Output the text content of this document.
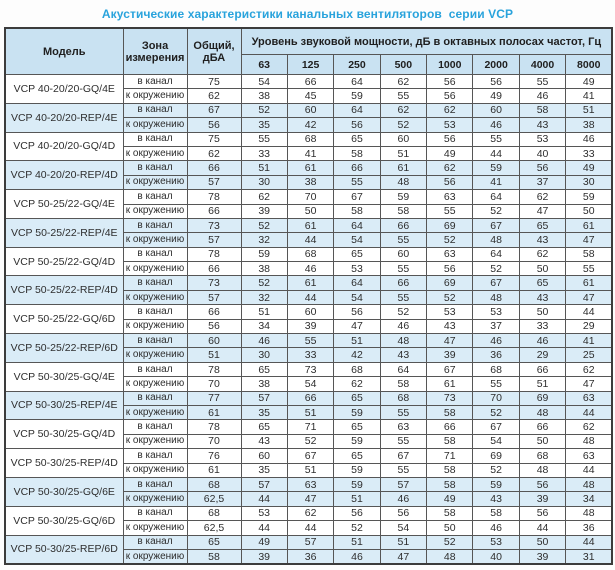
Акустические характеристики канальных вентиляторов  серии VCP
Модель	Зона измерения	Общий, дБА	Уровень звуковой мощности, дБ в октавных полосах частот, Гц							
			63	125	250	500	1000	2000	4000	8000
VCP 40-20/20-GQ/4E	в канал	75	54	66	64	62	56	56	55	49
	к окружению	62	38	45	59	55	56	49	46	41
VCP 40-20/20-REP/4E	в канал	67	52	60	64	62	62	60	58	51
	к окружению	56	35	42	56	52	53	46	43	38
VCP 40-20/20-GQ/4D	в канал	75	55	68	65	60	56	55	53	46
	к окружению	62	33	41	58	51	49	44	40	33
VCP 40-20/20-REP/4D	в канал	66	51	61	66	61	62	59	56	49
	к окружению	57	30	38	55	48	56	41	37	30
VCP 50-25/22-GQ/4E	в канал	78	62	70	67	59	63	64	62	59
	к окружению	66	39	50	58	58	55	52	47	50
VCP 50-25/22-REP/4E	в канал	73	52	61	64	66	69	67	65	61
	к окружению	57	32	44	54	55	52	48	43	47
VCP 50-25/22-GQ/4D	в канал	78	59	68	65	60	63	64	62	58
	к окружению	66	38	46	53	55	56	52	50	55
VCP 50-25/22-REP/4D	в канал	73	52	61	64	66	69	67	65	61
	к окружению	57	32	44	54	55	52	48	43	47
VCP 50-25/22-GQ/6D	в канал	66	51	60	56	52	53	53	50	44
	к окружению	56	34	39	47	46	43	37	33	29
VCP 50-25/22-REP/6D	в канал	60	46	55	51	48	47	46	46	41
	к окружению	51	30	33	42	43	39	36	29	25
VCP 50-30/25-GQ/4E	в канал	78	65	73	68	64	67	68	66	62
	к окружению	70	38	54	62	58	61	55	51	47
VCP 50-30/25-REP/4E	в канал	77	57	66	65	68	73	70	69	63
	к окружению	61	35	51	59	55	58	52	48	44
VCP 50-30/25-GQ/4D	в канал	78	65	71	65	63	66	67	66	62
	к окружению	70	43	52	59	55	58	54	50	48
VCP 50-30/25-REP/4D	в канал	76	60	67	65	67	71	69	68	63
	к окружению	61	35	51	59	55	58	52	48	44
VCP 50-30/25-GQ/6E	в канал	68	57	63	59	57	58	59	56	48
	к окружению	62,5	44	47	51	46	49	43	39	34
VCP 50-30/25-GQ/6D	в канал	68	53	62	56	56	58	58	56	48
	к окружению	62,5	44	44	52	54	50	46	44	36
VCP 50-30/25-REP/6D	в канал	65	49	57	51	51	52	53	50	44
	к окружению	58	39	36	46	47	48	40	39	31
